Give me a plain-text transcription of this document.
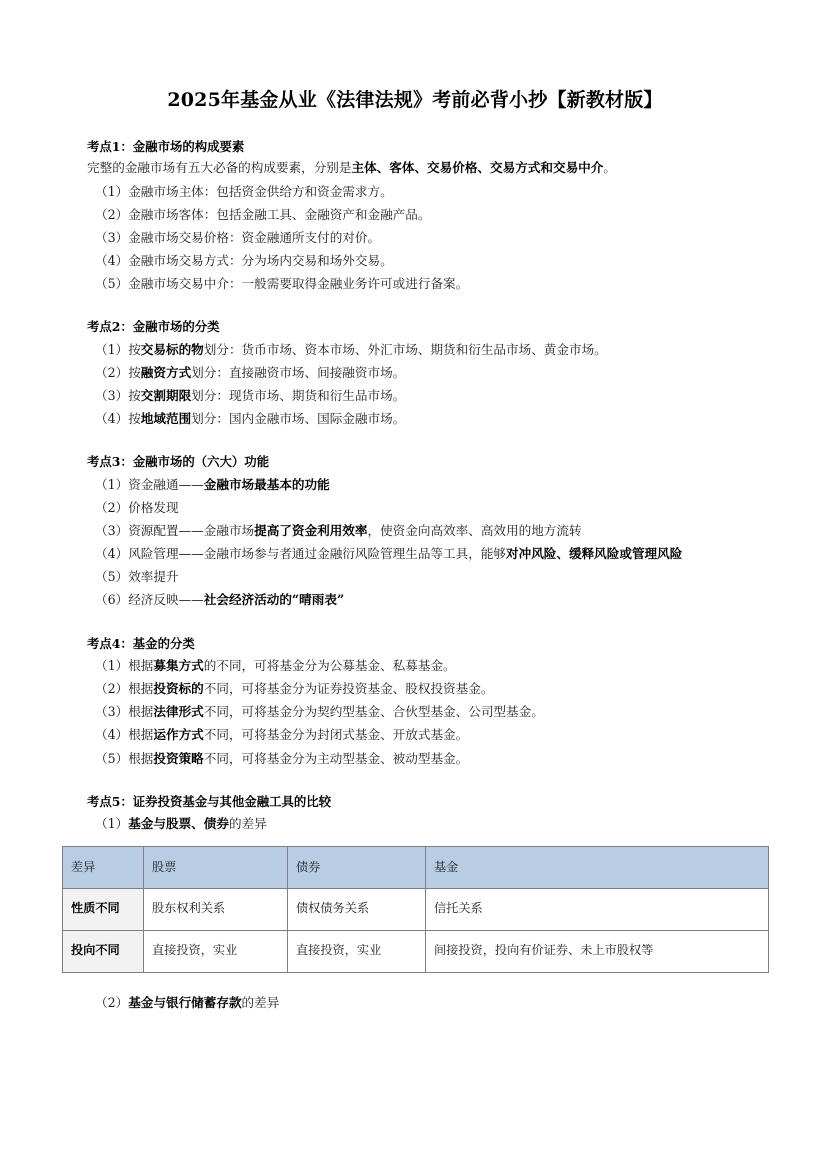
2025年基金从业《法律法规》考前必背小抄【新教材版】
考点1：金融市场的构成要素
完整的金融市场有五大必备的构成要素，分别是主体、客体、交易价格、交易方式和交易中介。
（1）金融市场主体：包括资金供给方和资金需求方。
（2）金融市场客体：包括金融工具、金融资产和金融产品。
（3）金融市场交易价格：资金融通所支付的对价。
（4）金融市场交易方式：分为场内交易和场外交易。
（5）金融市场交易中介：一般需要取得金融业务许可或进行备案。
考点2：金融市场的分类
（1）按交易标的物划分：货币市场、资本市场、外汇市场、期货和衍生品市场、黄金市场。
（2）按融资方式划分：直接融资市场、间接融资市场。
（3）按交割期限划分：现货市场、期货和衍生品市场。
（4）按地域范围划分：国内金融市场、国际金融市场。
考点3：金融市场的（六大）功能
（1）资金融通——金融市场最基本的功能
（2）价格发现
（3）资源配置——金融市场提高了资金利用效率，使资金向高效率、高效用的地方流转
（4）风险管理——金融市场参与者通过金融衍风险管理生品等工具，能够对冲风险、缓释风险或管理风险
（5）效率提升
（6）经济反映——社会经济活动的“晴雨表”
考点4：基金的分类
（1）根据募集方式的不同，可将基金分为公募基金、私募基金。
（2）根据投资标的不同，可将基金分为证券投资基金、股权投资基金。
（3）根据法律形式不同，可将基金分为契约型基金、合伙型基金、公司型基金。
（4）根据运作方式不同，可将基金分为封闭式基金、开放式基金。
（5）根据投资策略不同，可将基金分为主动型基金、被动型基金。
考点5：证券投资基金与其他金融工具的比较
（1）基金与股票、债券的差异
差异	股票	债券	基金
性质不同	股东权利关系	债权债务关系	信托关系
投向不同	直接投资，实业	直接投资，实业	间接投资，投向有价证券、未上市股权等
（2）基金与银行储蓄存款的差异
